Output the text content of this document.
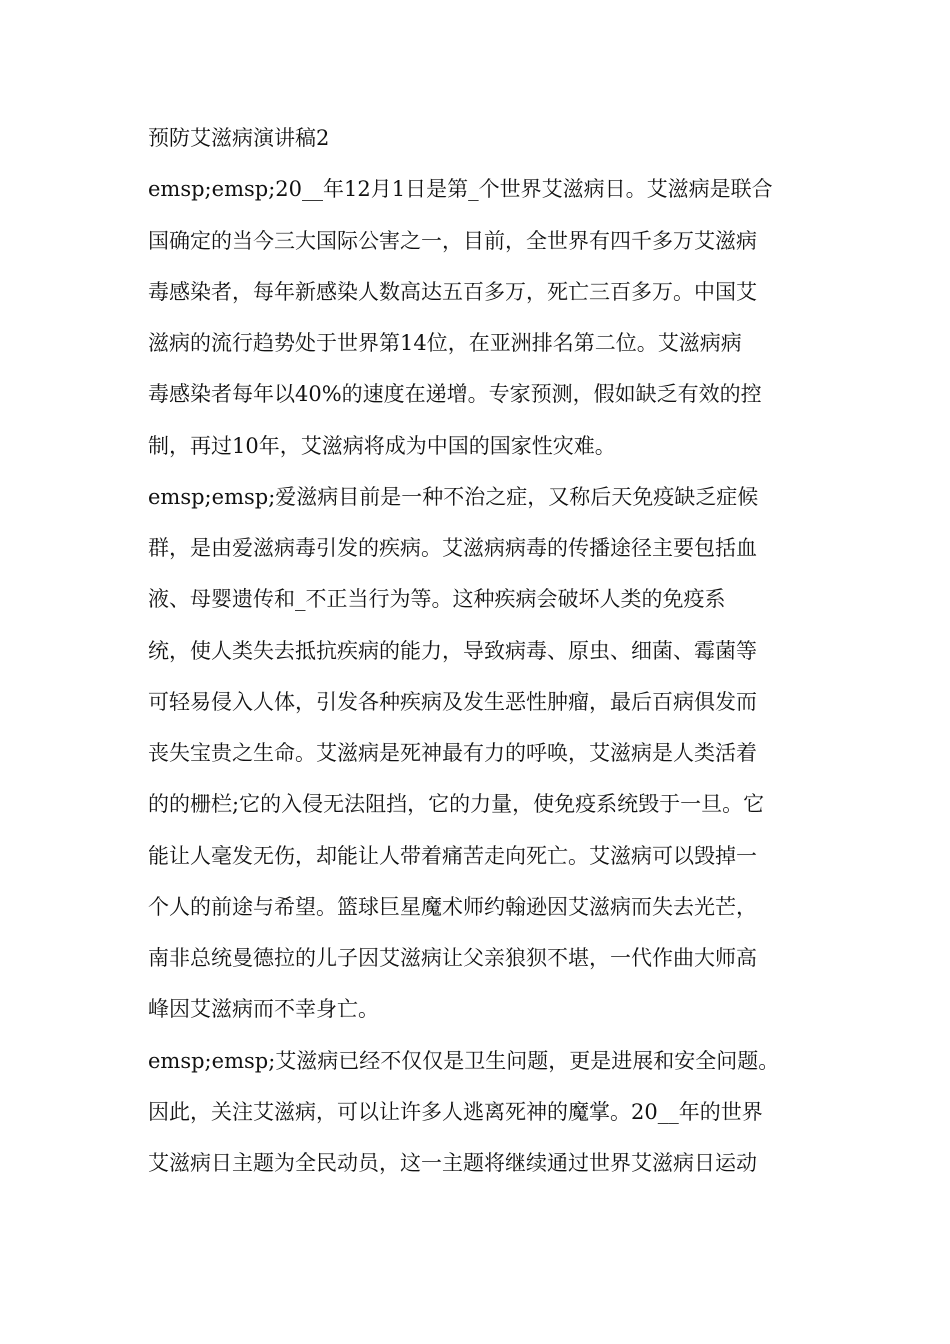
预防艾滋病演讲稿2
emsp;emsp;20__年12月1日是第_个世界艾滋病日。艾滋病是联合
国确定的当今三大国际公害之一，目前，全世界有四千多万艾滋病
毒感染者，每年新感染人数高达五百多万，死亡三百多万。中国艾
滋病的流行趋势处于世界第14位，在亚洲排名第二位。艾滋病病
毒感染者每年以40%的速度在递增。专家预测，假如缺乏有效的控
制，再过10年，艾滋病将成为中国的国家性灾难。
emsp;emsp;爱滋病目前是一种不治之症，又称后天免疫缺乏症候
群，是由爱滋病毒引发的疾病。艾滋病病毒的传播途径主要包括血
液、母婴遗传和_不正当行为等。这种疾病会破坏人类的免疫系
统，使人类失去抵抗疾病的能力，导致病毒、原虫、细菌、霉菌等
可轻易侵入人体，引发各种疾病及发生恶性肿瘤，最后百病俱发而
丧失宝贵之生命。艾滋病是死神最有力的呼唤，艾滋病是人类活着
的的栅栏;它的入侵无法阻挡，它的力量，使免疫系统毁于一旦。它
能让人毫发无伤，却能让人带着痛苦走向死亡。艾滋病可以毁掉一
个人的前途与希望。篮球巨星魔术师约翰逊因艾滋病而失去光芒，
南非总统曼德拉的儿子因艾滋病让父亲狼狈不堪，一代作曲大师高
峰因艾滋病而不幸身亡。
emsp;emsp;艾滋病已经不仅仅是卫生问题，更是进展和安全问题。
因此，关注艾滋病，可以让许多人逃离死神的魔掌。20__年的世界
艾滋病日主题为全民动员，这一主题将继续通过世界艾滋病日运动
